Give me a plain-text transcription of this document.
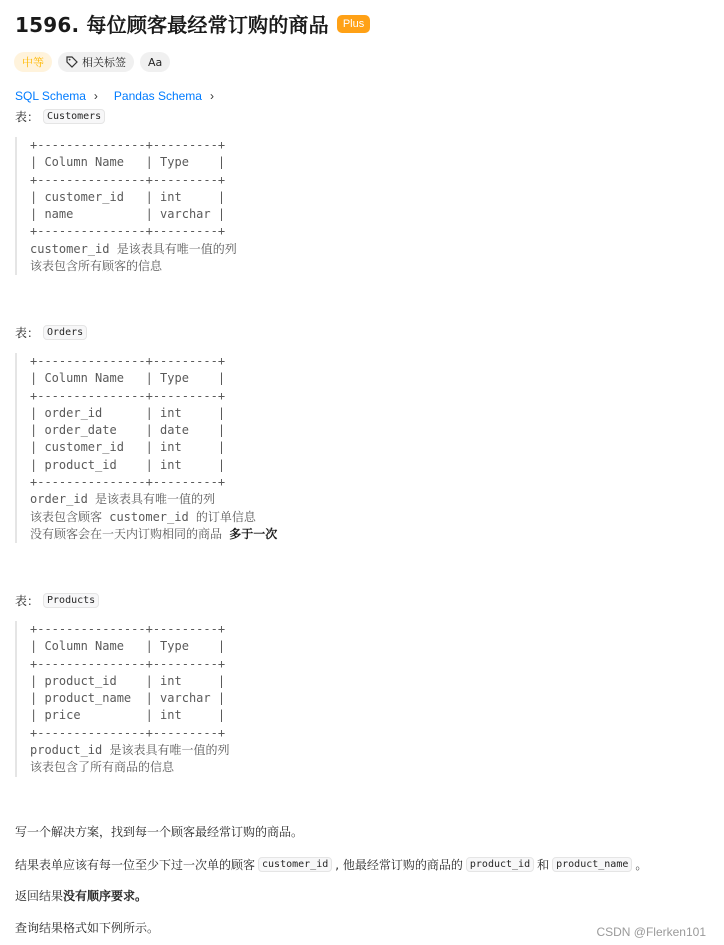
1596. 每位顾客最经常订购的商品	Plus
中等	相关标签	Aa
SQL Schema › Pandas Schema ›
表： Customers
+---------------+---------+
| Column Name   | Type    |
+---------------+---------+
| customer_id   | int     |
| name          | varchar |
+---------------+---------+
customer_id 是该表具有唯一值的列
该表包含所有顾客的信息
表： Orders
+---------------+---------+
| Column Name   | Type    |
+---------------+---------+
| order_id      | int     |
| order_date    | date    |
| customer_id   | int     |
| product_id    | int     |
+---------------+---------+
order_id 是该表具有唯一值的列
该表包含顾客 customer_id 的订单信息
没有顾客会在一天内订购相同的商品 多于一次
表： Products
+---------------+---------+
| Column Name   | Type    |
+---------------+---------+
| product_id    | int     |
| product_name  | varchar |
| price         | int     |
+---------------+---------+
product_id 是该表具有唯一值的列
该表包含了所有商品的信息
写一个解决方案，找到每一个顾客最经常订购的商品。
结果表单应该有每一位至少下过一次单的顾客 customer_id , 他最经常订购的商品的 product_id 和 product_name 。
返回结果 没有顺序要求。
查询结果格式如下例所示。	CSDN @Flerken101
